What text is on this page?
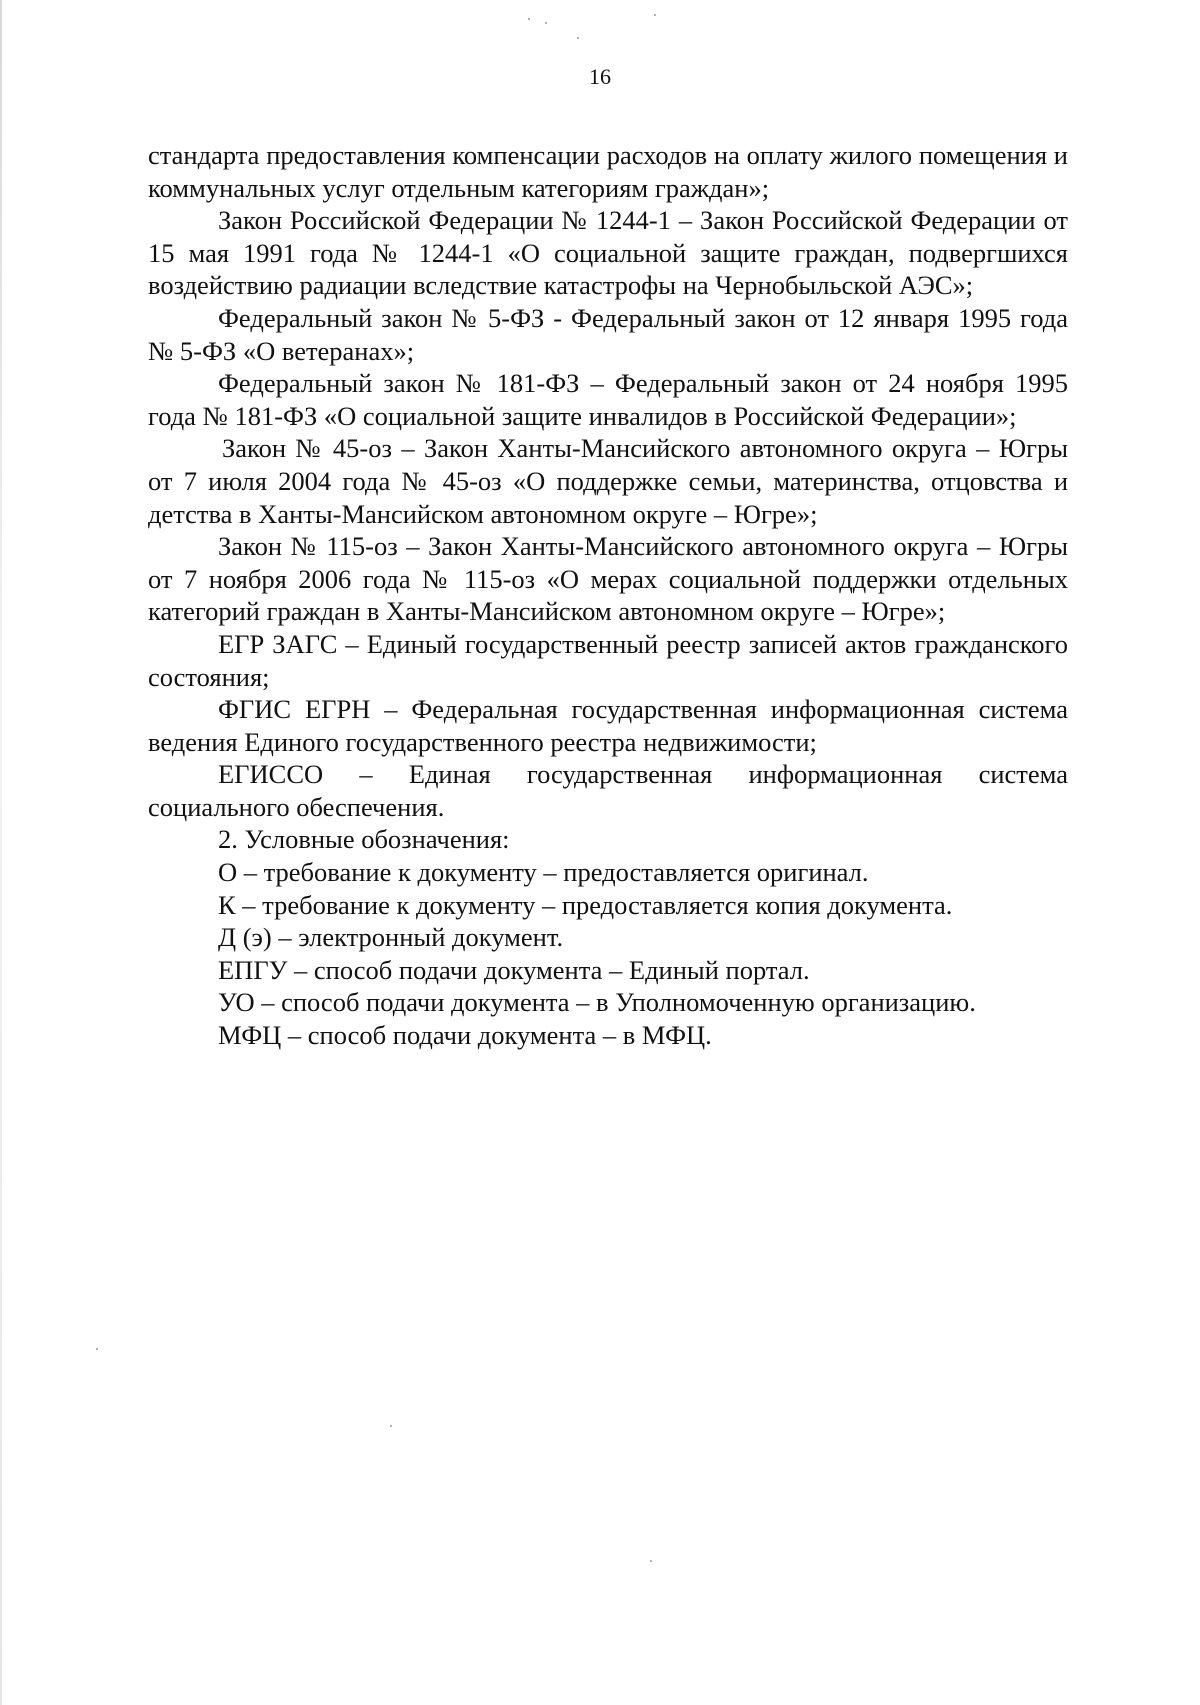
16

стандарта предоставления компенсации расходов на оплату жилого помещения и коммунальных услуг отдельным категориям граждан»;

Закон Российской Федерации № 1244-1 – Закон Российской Федерации от 15 мая 1991 года № 1244-1 «О социальной защите граждан, подвергшихся воздействию радиации вследствие катастрофы на Чернобыльской АЭС»;

Федеральный закон № 5-ФЗ - Федеральный закон от 12 января 1995 года № 5-ФЗ «О ветеранах»;

Федеральный закон № 181-ФЗ – Федеральный закон от 24 ноября 1995 года № 181-ФЗ «О социальной защите инвалидов в Российской Федерации»;

Закон № 45-оз – Закон Ханты-Мансийского автономного округа – Югры от 7 июля 2004 года № 45-оз «О поддержке семьи, материнства, отцовства и детства в Ханты-Мансийском автономном округе – Югре»;

Закон № 115-оз – Закон Ханты-Мансийского автономного округа – Югры от 7 ноября 2006 года № 115-оз «О мерах социальной поддержки отдельных категорий граждан в Ханты-Мансийском автономном округе – Югре»;

ЕГР ЗАГС – Единый государственный реестр записей актов гражданского состояния;

ФГИС ЕГРН – Федеральная государственная информационная система ведения Единого государственного реестра недвижимости;

ЕГИССО – Единая государственная информационная система социального обеспечения.

2. Условные обозначения:

О – требование к документу – предоставляется оригинал.

К – требование к документу – предоставляется копия документа.

Д (э) – электронный документ.

ЕПГУ – способ подачи документа – Единый портал.

УО – способ подачи документа – в Уполномоченную организацию.

МФЦ – способ подачи документа – в МФЦ.
